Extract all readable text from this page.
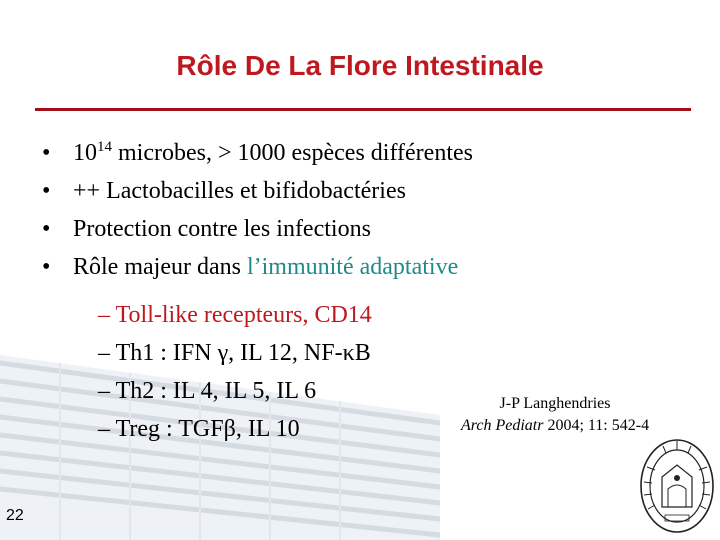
Rôle De La Flore Intestinale
• $10^{14}$ microbes, > 1000 espèces différentes
• ++ Lactobacilles et bifidobactéries
• Protection contre les infections
• Rôle majeur dans l’immunité adaptative
– Toll-like recepteurs, CD14
– Th1 : IFN γ, IL 12, NF-κB
– Th2 : IL 4, IL 5, IL 6
– Treg : TGFβ, IL 10
J-P Langhendries
Arch Pediatr 2004; 11: 542-4
22
